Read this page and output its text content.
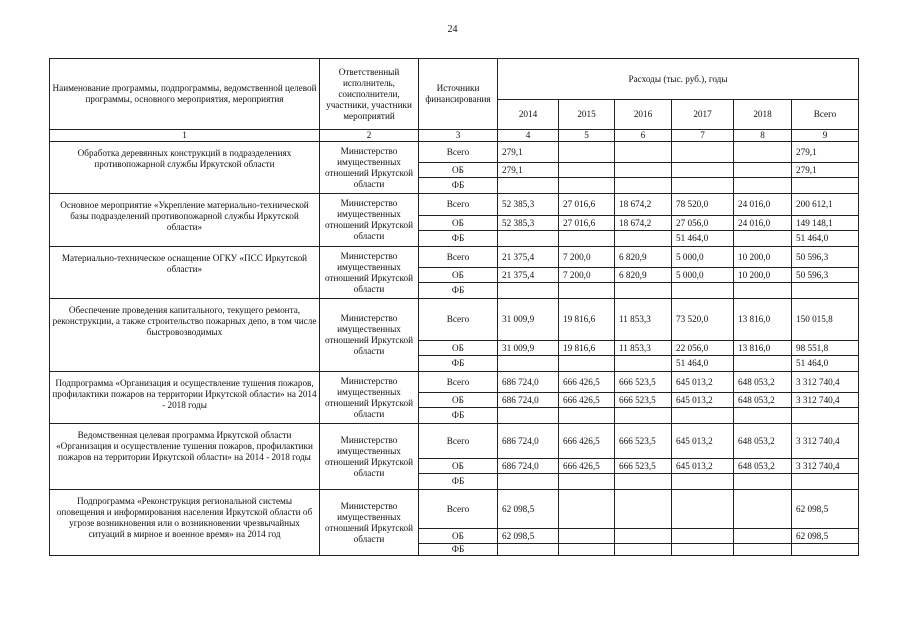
24
Наименование программы, подпрограммы, ведомственной целевой программы, основного мероприятия, мероприятия	Ответственный исполнитель, соисполнители, участники, участники мероприятий	Источники финансирования	Расходы (тыс. руб.), годы					
			2014	2015	2016	2017	2018	Всего
1	2	3	4	5	6	7	8	9
Обработка деревянных конструкций в подразделениях противопожарной службы Иркутской области	Министерство имущественных отношений Иркутской области	Всего	279,1					279,1
		ОБ	279,1					279,1
		ФБ						
Основное мероприятие «Укрепление материально-технической базы подразделений противопожарной службы Иркутской области»	Министерство имущественных отношений Иркутской области	Всего	52 385,3	27 016,6	18 674,2	78 520,0	24 016,0	200 612,1
		ОБ	52 385,3	27 016,6	18 674,2	27 056,0	24 016,0	149 148,1
		ФБ				51 464,0		51 464,0
Материально-техническое оснащение ОГКУ «ПСС Иркутской области»	Министерство имущественных отношений Иркутской области	Всего	21 375,4	7 200,0	6 820,9	5 000,0	10 200,0	50 596,3
		ОБ	21 375,4	7 200,0	6 820,9	5 000,0	10 200,0	50 596,3
		ФБ						
Обеспечение проведения капитального, текущего ремонта, реконструкции, а также строительство пожарных депо, в том числе быстровозводимых	Министерство имущественных отношений Иркутской области	Всего	31 009,9	19 816,6	11 853,3	73 520,0	13 816,0	150 015,8
		ОБ	31 009,9	19 816,6	11 853,3	22 056,0	13 816,0	98 551,8
		ФБ				51 464,0		51 464,0
Подпрограмма «Организация и осуществление тушения пожаров, профилактики пожаров на территории Иркутской области» на 2014 - 2018 годы	Министерство имущественных отношений Иркутской области	Всего	686 724,0	666 426,5	666 523,5	645 013,2	648 053,2	3 312 740,4
		ОБ	686 724,0	666 426,5	666 523,5	645 013,2	648 053,2	3 312 740,4
		ФБ						
Ведомственная целевая программа Иркутской области «Организация и осуществление тушения пожаров, профилактики пожаров на территории Иркутской области» на 2014 - 2018 годы	Министерство имущественных отношений Иркутской области	Всего	686 724,0	666 426,5	666 523,5	645 013,2	648 053,2	3 312 740,4
		ОБ	686 724,0	666 426,5	666 523,5	645 013,2	648 053,2	3 312 740,4
		ФБ						
Подпрограмма «Реконструкция региональной системы оповещения и информирования населения Иркутской области об угрозе возникновения или о возникновении чрезвычайных ситуаций в мирное и военное время» на 2014 год	Министерство имущественных отношений Иркутской области	Всего	62 098,5					62 098,5
		ОБ	62 098,5					62 098,5
		ФБ						
